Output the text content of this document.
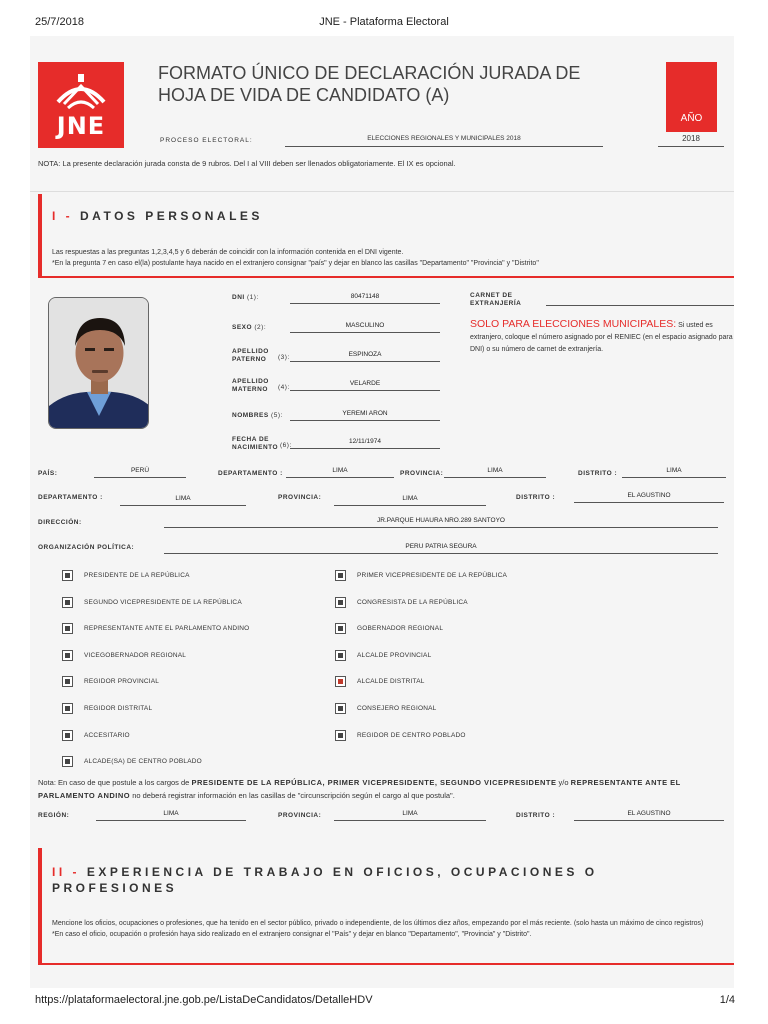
25/7/2018	JNE - Plataforma Electoral
JNE
FORMATO ÚNICO DE DECLARACIÓN JURADA DE HOJA DE VIDA DE CANDIDATO (A)
AÑO
2018
PROCESO ELECTORAL:	ELECCIONES REGIONALES Y MUNICIPALES 2018
NOTA: La presente declaración jurada consta de 9 rubros. Del I al VIII deben ser llenados obligatoriamente. El IX es opcional.
I - DATOS PERSONALES
Las respuestas a las preguntas 1,2,3,4,5 y 6 deberán de coincidir con la información contenida en el DNI vigente.
*En la pregunta 7 en caso el(la) postulante haya nacido en el extranjero consignar "país" y dejar en blanco las casillas "Departamento" "Provincia" y "Distrito"
DNI (1):	80471148
SEXO (2):	MASCULINO
APELLIDO PATERNO	(3):	ESPINOZA
APELLIDO MATERNO	(4):
VELARDE
NOMBRES (5):	YEREMI ARON
FECHA DE NACIMIENTO (6):
12/11/1974
CARNET DE EXTRANJERÍA
SOLO PARA ELECCIONES MUNICIPALES: Si usted es extranjero, coloque el número asignado por el RENIEC (en el espacio asignado para DNI) o su número de carnet de extranjería.
PAÍS:	PERÚ	DEPARTAMENTO :	LIMA	PROVINCIA:	LIMA	DISTRITO :	LIMA
DEPARTAMENTO :	LIMA	PROVINCIA:	LIMA	DISTRITO :	EL AGUSTINO
DIRECCIÓN:	JR.PARQUE HUAURA NRO.289 SANTOYO
ORGANIZACIÓN POLÍTICA:	PERU PATRIA SEGURA
PRESIDENTE DE LA REPÚBLICA	PRIMER VICEPRESIDENTE DE LA REPÚBLICA
SEGUNDO VICEPRESIDENTE DE LA REPÚBLICA	CONGRESISTA DE LA REPÚBLICA
REPRESENTANTE ANTE EL PARLAMENTO ANDINO	GOBERNADOR REGIONAL
VICEGOBERNADOR REGIONAL	ALCALDE PROVINCIAL
REGIDOR PROVINCIAL	ALCALDE DISTRITAL
REGIDOR DISTRITAL	CONSEJERO REGIONAL
ACCESITARIO	REGIDOR DE CENTRO POBLADO
ALCADE(SA) DE CENTRO POBLADO
Nota: En caso de que postule a los cargos de PRESIDENTE DE LA REPÚBLICA, PRIMER VICEPRESIDENTE, SEGUNDO VICEPRESIDENTE y/o REPRESENTANTE ANTE EL PARLAMENTO ANDINO no deberá registrar información en las casillas de "circunscripción según el cargo al que postula".
REGIÓN:	LIMA	PROVINCIA:	LIMA	DISTRITO :	EL AGUSTINO
II - EXPERIENCIA DE TRABAJO EN OFICIOS, OCUPACIONES O PROFESIONES
Mencione los oficios, ocupaciones o profesiones, que ha tenido en el sector público, privado o independiente, de los últimos diez años, empezando por el más reciente. (solo hasta un máximo de cinco registros)
*En caso el oficio, ocupación o profesión haya sido realizado en el extranjero consignar el "País" y dejar en blanco "Departamento", "Provincia" y "Distrito".
https://plataformaelectoral.jne.gob.pe/ListaDeCandidatos/DetalleHDV	1/4
